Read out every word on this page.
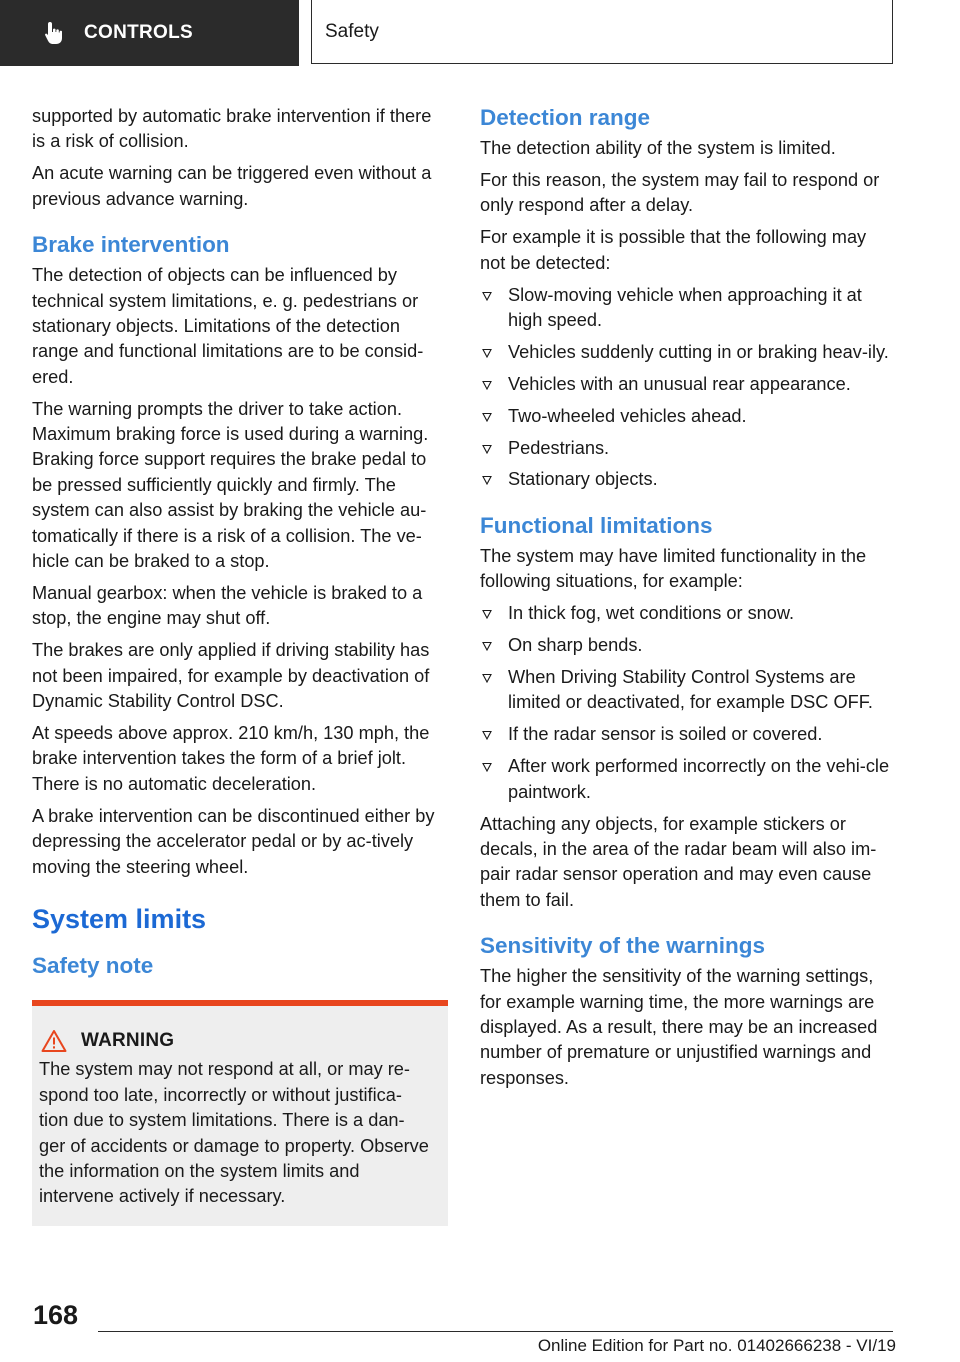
CONTROLS	Safety

supported by automatic brake intervention if there is a risk of collision.

An acute warning can be triggered even without a previous advance warning.

Brake intervention

The detection of objects can be influenced by technical system limitations, e. g. pedestrians or stationary objects. Limitations of the detection range and functional limitations are to be consid‐ered.

The warning prompts the driver to take action. Maximum braking force is used during a warning. Braking force support requires the brake pedal to be pressed sufficiently quickly and firmly. The system can also assist by braking the vehicle au‐tomatically if there is a risk of a collision. The ve‐hicle can be braked to a stop.

Manual gearbox: when the vehicle is braked to a stop, the engine may shut off.

The brakes are only applied if driving stability has not been impaired, for example by deactivation of Dynamic Stability Control DSC.

At speeds above approx. 210 km/h, 130 mph, the brake intervention takes the form of a brief jolt. There is no automatic deceleration.

A brake intervention can be discontinued either by depressing the accelerator pedal or by ac‐tively moving the steering wheel.

System limits
Safety note
WARNING

The system may not respond at all, or may re‐spond too late, incorrectly or without justifica‐tion due to system limitations. There is a dan‐ger of accidents or damage to property. Observe the information on the system limits and intervene actively if necessary.

Detection range

The detection ability of the system is limited.

For this reason, the system may fail to respond or only respond after a delay.

For example it is possible that the following may not be detected:

Slow-moving vehicle when approaching it at high speed.
Vehicles suddenly cutting in or braking heav‐ily.
Vehicles with an unusual rear appearance.
Two-wheeled vehicles ahead.
Pedestrians.
Stationary objects.
Functional limitations

The system may have limited functionality in the following situations, for example:

In thick fog, wet conditions or snow.
On sharp bends.
When Driving Stability Control Systems are limited or deactivated, for example DSC OFF.
If the radar sensor is soiled or covered.
After work performed incorrectly on the vehi‐cle paintwork.

Attaching any objects, for example stickers or decals, in the area of the radar beam will also im‐pair radar sensor operation and may even cause them to fail.

Sensitivity of the warnings

The higher the sensitivity of the warning settings, for example warning time, the more warnings are displayed. As a result, there may be an increased number of premature or unjustified warnings and responses.

168
Online Edition for Part no. 01402666238 - VI/19
